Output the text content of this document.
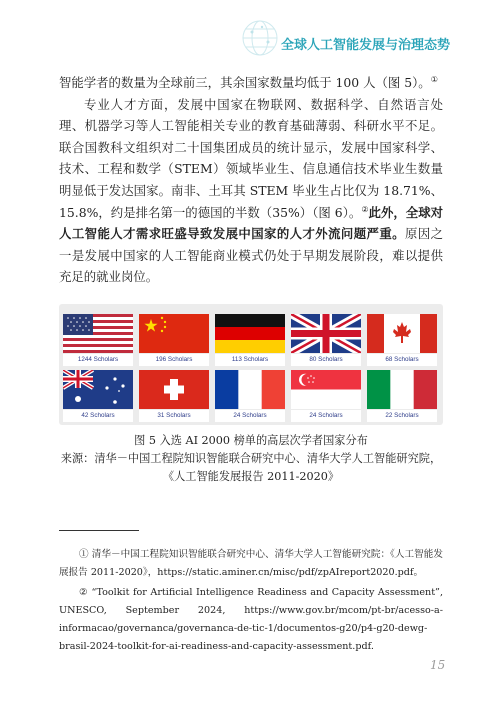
全球人工智能发展与治理态势

智能学者的数量为全球前三，其余国家数量均低于 100 人（图 5）。①

专业人才方面，发展中国家在物联网、数据科学、自然语言处理、机器学习等人工智能相关专业的教育基础薄弱、科研水平不足。联合国教科文组织对二十国集团成员的统计显示，发展中国家科学、技术、工程和数学（STEM）领域毕业生、信息通信技术毕业生数量明显低于发达国家。南非、土耳其 STEM 毕业生占比仅为 18.71%、15.8%，约是排名第一的德国的半数（35%）（图 6）。②此外，全球对人工智能人才需求旺盛导致发展中国家的人才外流问题严重。原因之一是发展中国家的人工智能商业模式仍处于早期发展阶段，难以提供充足的就业岗位。

1244 Scholars	196 Scholars	113 Scholars	80 Scholars	68 Scholars
42 Scholars	31 Scholars	24 Scholars	24 Scholars	22 Scholars
图 5 入选 AI 2000 榜单的高层次学者国家分布
来源：清华－中国工程院知识智能联合研究中心、清华大学人工智能研究院，
《人工智能发展报告 2011-2020》

① 清华－中国工程院知识智能联合研究中心、清华大学人工智能研究院：《人工智能发展报告 2011-2020》，https://static.aminer.cn/misc/pdf/zpAIreport2020.pdf。

② “Toolkit for Artificial Intelligence Readiness and Capacity Assessment”, UNESCO, September 2024, https://www.gov.br/mcom/pt-br/acesso-a-informacao/governanca/governanca-de-tic-1/documentos-g20/p4-g20-dewg-brasil-2024-toolkit-for-ai-readiness-and-capacity-assessment.pdf.

15
